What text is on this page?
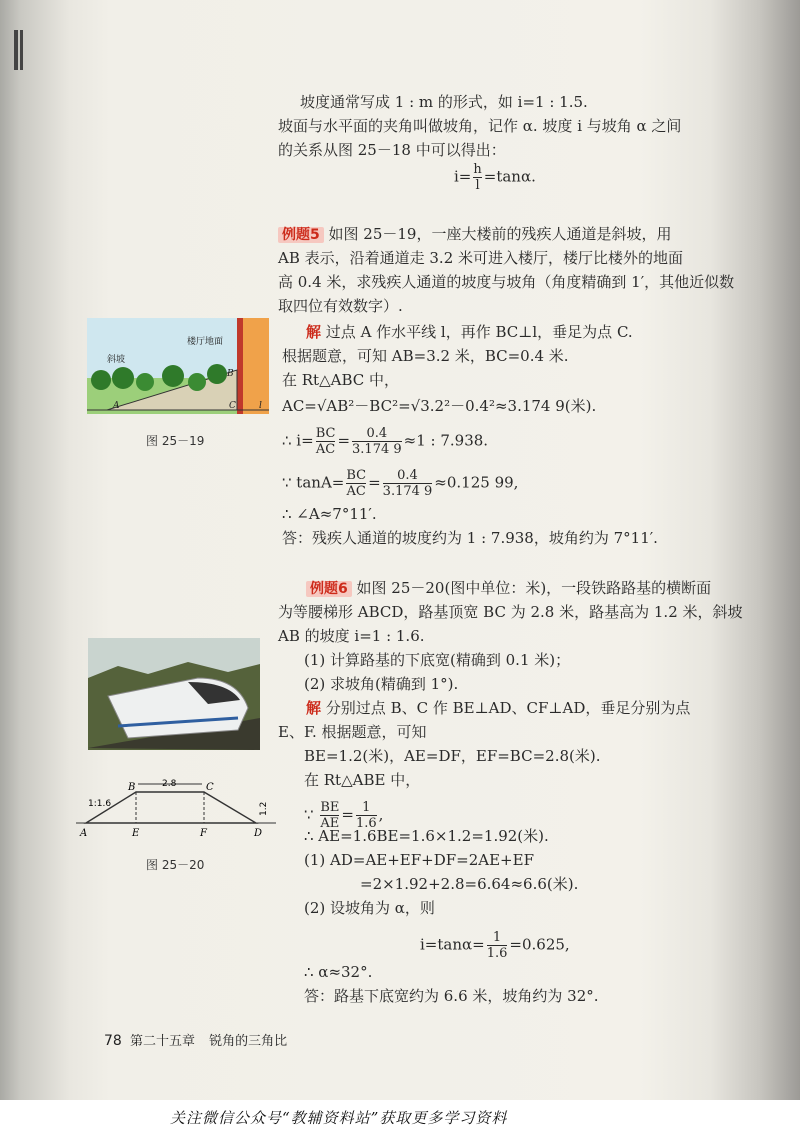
坡度通常写成 1 : m 的形式，如 i=1 : 1.5.
坡面与水平面的夹角叫做坡角，记作 α. 坡度 i 与坡角 α 之间
的关系从图 25－18 中可以得出：
$i= \frac{h}{l} =\tan\alpha$.
例题5 如图 25－19，一座大楼前的残疾人通道是斜坡，用
AB 表示，沿着通道走 3.2 米可进入楼厅，楼厅比楼外的地面
高 0.4 米，求残疾人通道的坡度与坡角（角度精确到 1′，其他近似数
取四位有效数字）.
斜坡
楼厅地面
B
A	C	l
图 25－19
解 过点 A 作水平线 l，再作 BC⊥l，垂足为点 C.
根据题意，可知 AB=3.2 米，BC=0.4 米.
在 Rt△ABC 中，
AC=√AB²－BC²=√3.2²－0.4²≈3.174 9(米).
∴ $i= \frac{BC}{AC} = \frac{0.4}{3.174 9} \approx 1$ : 7.938.
∵ $\tan A= \frac{BC}{AC} = \frac{0.4}{3.174 9} \approx 0.125$ 99,
∴ ∠A≈7°11′.
答：残疾人通道的坡度约为 1 : 7.938，坡角约为 7°11′.
例题6 如图 25－20(图中单位：米)，一段铁路路基的横断面
为等腰梯形 ABCD，路基顶宽 BC 为 2.8 米，路基高为 1.2 米，斜坡
AB 的坡度 i=1 : 1.6.
(1) 计算路基的下底宽(精确到 0.1 米)；
(2) 求坡角(精确到 1°).
2.8
1.2
1:1.6
B	C
A	E	F	D
图 25－20
解 分别过点 B、C 作 BE⊥AD、CF⊥AD，垂足分别为点
E、F. 根据题意，可知
BE=1.2(米)，AE=DF，EF=BC=2.8(米).
在 Rt△ABE 中，
∵ $\frac{BE}{AE} = \frac{1}{1.6}$ ,
∴ AE=1.6BE=1.6×1.2=1.92(米).
(1) AD=AE+EF+DF=2AE+EF
=2×1.92+2.8=6.64≈6.6(米).
(2) 设坡角为 α，则
$i=\tan\alpha= \frac{1}{1.6} =0.625$,
∴ α≈32°.
答：路基下底宽约为 6.6 米，坡角约为 32°.
78 第二十五章 锐角的三角比
关注微信公众号“教辅资料站”获取更多学习资料
